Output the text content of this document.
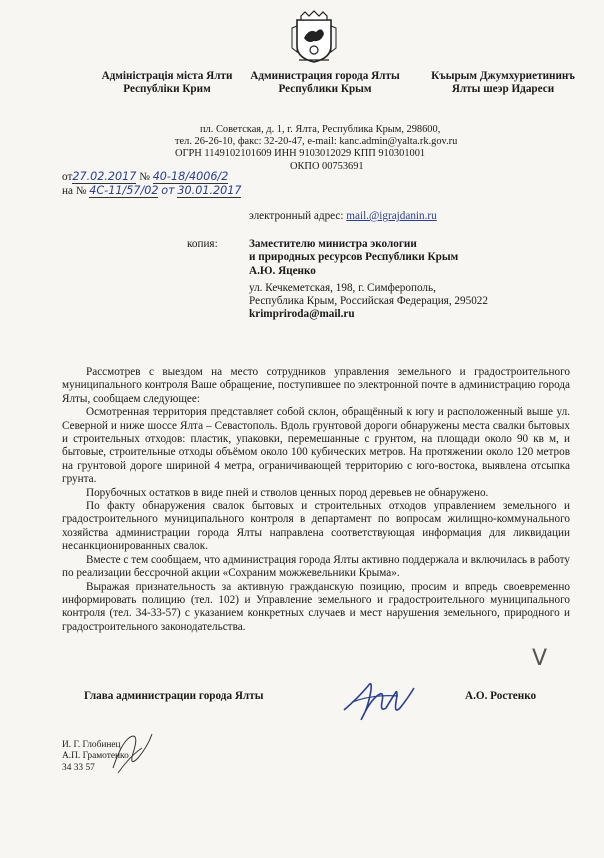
Адміністрація міста Ялти
Республіки Крим
Администрация города Ялты
Республики Крым
Къырым Джумхуриетининъ
Ялты шеэр Идареси
пл. Советская, д. 1, г. Ялта, Республика Крым, 298600,
тел. 26-26-10, факс: 32-20-47, e-mail: kanc.admin@yalta.rk.gov.ru
ОГРН 1149102101609 ИНН 9103012029 КПП 910301001
ОКПО 00753691
от27.02.2017 № 40-18/4006/2
на № 4С-11/57/02 от 30.01.2017
электронный адрес: mail.@igrajdanin.ru
копия:	Заместителю министра экологии
и природных ресурсов Республики Крым
А.Ю. Яценко
ул. Кечкеметская, 198, г. Симферополь,
Республика Крым, Российская Федерация, 295022
krimpriroda@mail.ru

Рассмотрев с выездом на место сотрудников управления земельного и градостроительного муниципального контроля Ваше обращение, поступившее по электронной почте в администрацию города Ялты, сообщаем следующее:

Осмотренная территория представляет собой склон, обращённый к югу и расположенный выше ул. Северной и ниже шоссе Ялта – Севастополь. Вдоль грунтовой дороги обнаружены места свалки бытовых и строительных отходов: пластик, упаковки, перемешанные с грунтом, на площади около 90 кв м, и бытовые, строительные отходы объёмом около 100 кубических метров. На протяжении около 120 метров на грунтовой дороге шириной 4 метра, ограничивающей территорию с юго-востока, выявлена отсыпка грунта.

Порубочных остатков в виде пней и стволов ценных пород деревьев не обнаружено.

По факту обнаружения свалок бытовых и строительных отходов управлением земельного и градостроительного муниципального контроля в департамент по вопросам жилищно-коммунального хозяйства администрации города Ялты направлена соответствующая информация для ликвидации несанкционированных свалок.

Вместе с тем сообщаем, что администрация города Ялты активно поддержала и включилась в работу по реализации бессрочной акции «Сохраним можжевельники Крыма».

Выражая признательность за активную гражданскую позицию, просим и впредь своевременно информировать полицию (тел. 102) и Управление земельного и градостроительного муниципального контроля (тел. 34-33-57) с указанием конкретных случаев и мест нарушения земельного, природного и градостроительного законодательства.

V
Глава администрации города Ялты	А.О. Ростенко
И. Г. Глобинец
А.П. Грамотенко
34 33 57
